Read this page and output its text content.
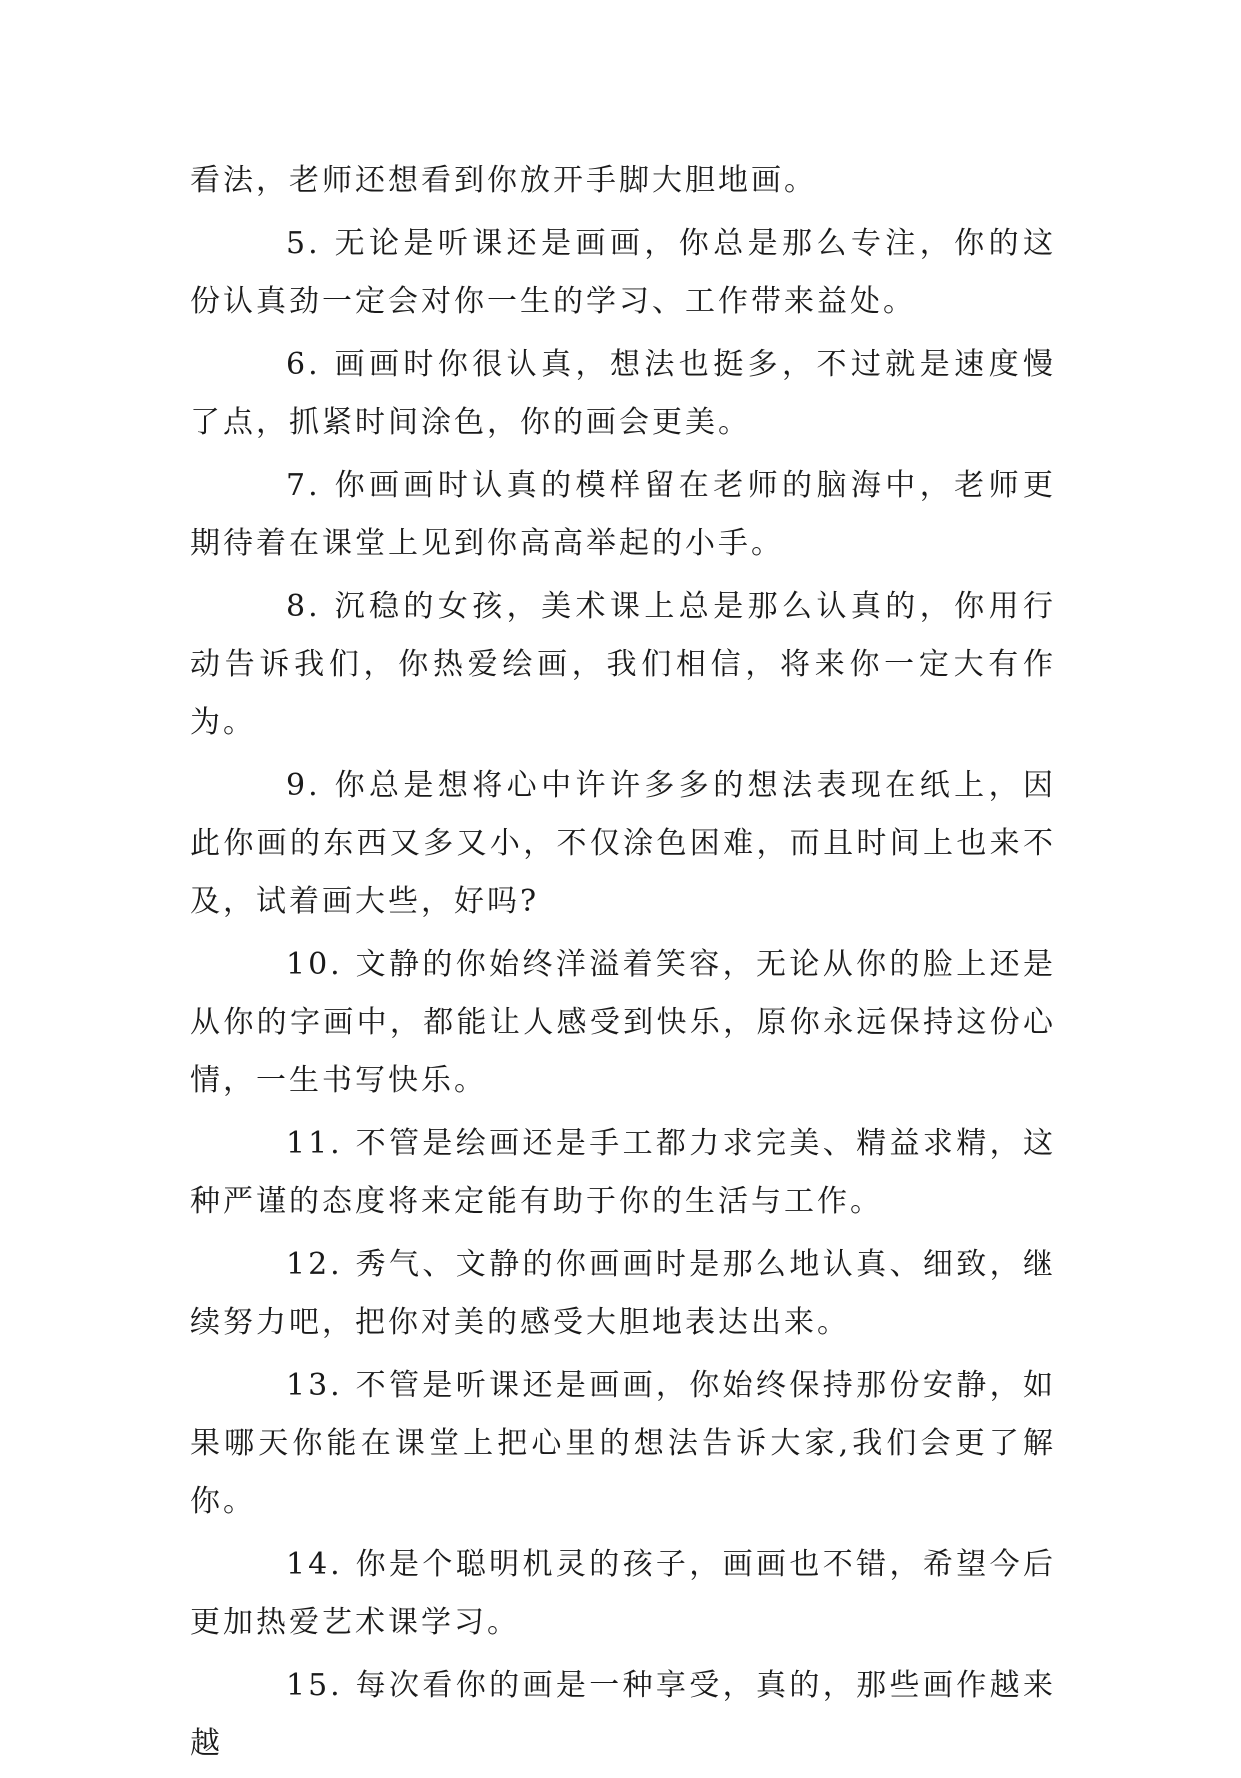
看法，老师还想看到你放开手脚大胆地画。

5. 无论是听课还是画画，你总是那么专注，你的这份认真劲一定会对你一生的学习、工作带来益处。

6. 画画时你很认真，想法也挺多，不过就是速度慢了点，抓紧时间涂色，你的画会更美。

7. 你画画时认真的模样留在老师的脑海中，老师更期待着在课堂上见到你高高举起的小手。

8. 沉稳的女孩，美术课上总是那么认真的，你用行动告诉我们，你热爱绘画，我们相信，将来你一定大有作为。

9. 你总是想将心中许许多多的想法表现在纸上，因此你画的东西又多又小，不仅涂色困难，而且时间上也来不及，试着画大些，好吗?

10. 文静的你始终洋溢着笑容，无论从你的脸上还是从你的字画中，都能让人感受到快乐，原你永远保持这份心情，一生书写快乐。

11. 不管是绘画还是手工都力求完美、精益求精，这种严谨的态度将来定能有助于你的生活与工作。

12. 秀气、文静的你画画时是那么地认真、细致，继续努力吧，把你对美的感受大胆地表达出来。

13. 不管是听课还是画画，你始终保持那份安静，如果哪天你能在课堂上把心里的想法告诉大家,我们会更了解你。

14. 你是个聪明机灵的孩子，画画也不错，希望今后更加热爱艺术课学习。

15. 每次看你的画是一种享受，真的，那些画作越来越
